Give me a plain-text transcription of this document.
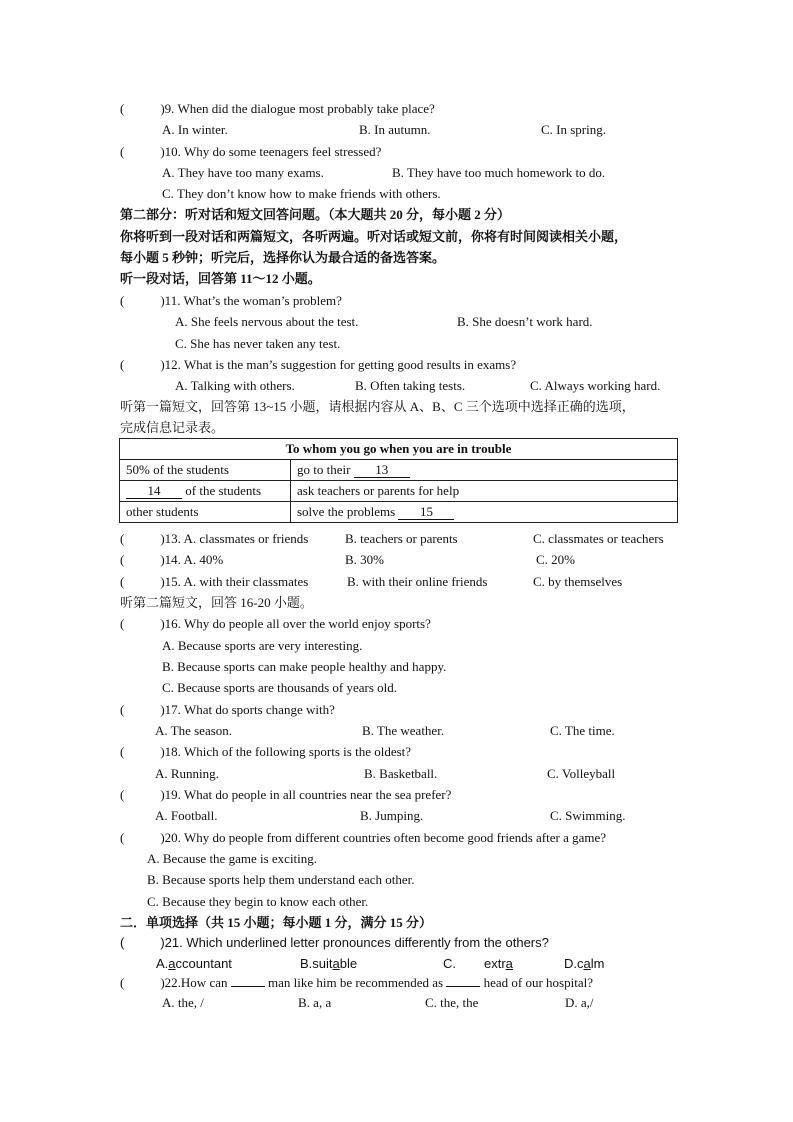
(	)9. When did the dialogue most probably take place?
A. In winter.	B. In autumn.	C. In spring.
(	)10. Why do some teenagers feel stressed?
A. They have too many exams.	B. They have too much homework to do.
C. They don’t know how to make friends with others.
第二部分：听对话和短文回答问题。（本大题共 20 分，每小题 2 分）
你将听到一段对话和两篇短文，各听两遍。听对话或短文前，你将有时间阅读相关小题，
每小题 5 秒钟；听完后，选择你认为最合适的备选答案。
听一段对话，回答第 11～12 小题。
(	)11. What’s the woman’s problem?
A. She feels nervous about the test.	B. She doesn’t work hard.
C. She has never taken any test.
(	)12. What is the man’s suggestion for getting good results in exams?
A. Talking with others.	B. Often taking tests.	C. Always working hard.
听第一篇短文，回答第 13~15 小题，请根据内容从 A、B、C 三个选项中选择正确的选项，
完成信息记录表。
To whom you go when you are in trouble	
50% of the students	go to their 13
14 of the students	ask teachers or parents for help
other students	solve the problems 15
(	)13. A. classmates or friends	B. teachers or parents	C. classmates or teachers
(	)14. A. 40%	B. 30%	C. 20%
(	)15. A. with their classmates	B. with their online friends	C. by themselves
听第二篇短文，回答 16-20 小题。
(	)16. Why do people all over the world enjoy sports?
A. Because sports are very interesting.
B. Because sports can make people healthy and happy.
C. Because sports are thousands of years old.
(	)17. What do sports change with?
A. The season.	B. The weather.	C. The time.
(	)18. Which of the following sports is the oldest?
A. Running.	B. Basketball.	C. Volleyball
(	)19. What do people in all countries near the sea prefer?
A. Football.	B. Jumping.	C. Swimming.
(	)20. Why do people from different countries often become good friends after a game?
A. Because the game is exciting.
B. Because sports help them understand each other.
C. Because they begin to know each other.
二．单项选择（共 15 小题；每小题 1 分，满分 15 分）
(	)21. Which underlined letter pronounces differently from the others?
A.accountant	B.suitable	C. extra	D.calm
(	)22.How can	man like him be recommended as	head of our hospital?
A. the, /	B. a, a	C. the, the	D. a,/
